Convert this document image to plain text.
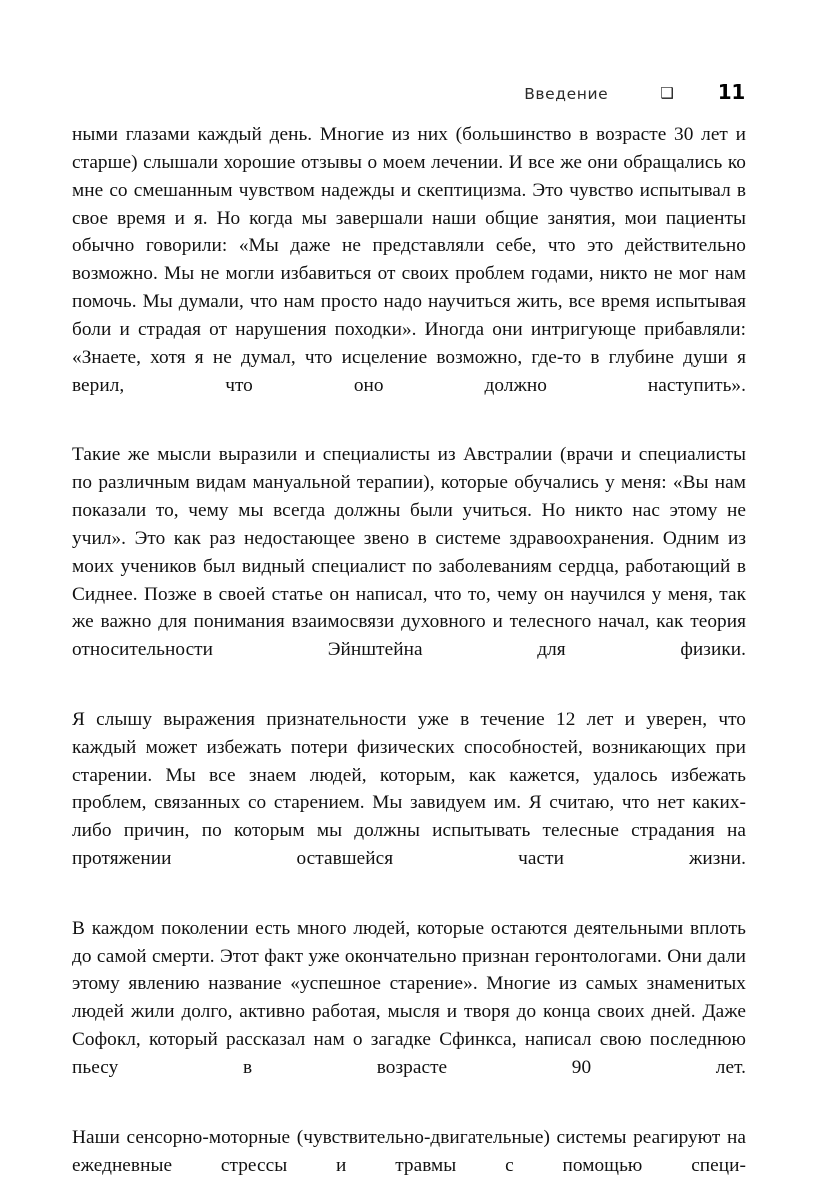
Введение	❑ 11

ными глазами каждый день. Многие из них (большинство в возрасте 30 лет и старше) слышали хорошие отзывы о моем лечении. И все же они обращались ко мне со смешанным чувством надежды и скептицизма. Это чувство испытывал в свое время и я. Но когда мы завершали наши общие занятия, мои пациенты обычно говорили: «Мы даже не представляли себе, что это действительно возможно. Мы не могли избавиться от своих проблем годами, никто не мог нам помочь. Мы думали, что нам просто надо научиться жить, все время испытывая боли и страдая от нарушения походки». Иногда они интригующе прибавляли: «Знаете, хотя я не думал, что исцеление возможно, где-то в глубине души я верил, что оно должно наступить».

Такие же мысли выразили и специалисты из Австралии (врачи и специалисты по различным видам мануальной терапии), которые обучались у меня: «Вы нам показали то, чему мы всегда должны были учиться. Но никто нас этому не учил». Это как раз недостающее звено в системе здравоохранения. Одним из моих учеников был видный специалист по заболеваниям сердца, работающий в Сиднее. Позже в своей статье он написал, что то, чему он научился у меня, так же важно для понимания взаимосвязи духовного и телесного начал, как теория относительности Эйнштейна для физики.

Я слышу выражения признательности уже в течение 12 лет и уверен, что каждый может избежать потери физических способностей, возникающих при старении. Мы все знаем людей, которым, как кажется, удалось избежать проблем, связанных со старением. Мы завидуем им. Я считаю, что нет каких-либо причин, по которым мы должны испытывать телесные страдания на протяжении оставшейся части жизни.

В каждом поколении есть много людей, которые остаются деятельными вплоть до самой смерти. Этот факт уже окончательно признан геронтологами. Они дали этому явлению название «успешное старение». Многие из самых знаменитых людей жили долго, активно работая, мысля и творя до конца своих дней. Даже Софокл, который рассказал нам о загадке Сфинкса, написал свою последнюю пьесу в возрасте 90 лет.

Наши сенсорно-моторные (чувствительно-двигательные) системы реагируют на ежедневные стрессы и травмы с помощью специ-
